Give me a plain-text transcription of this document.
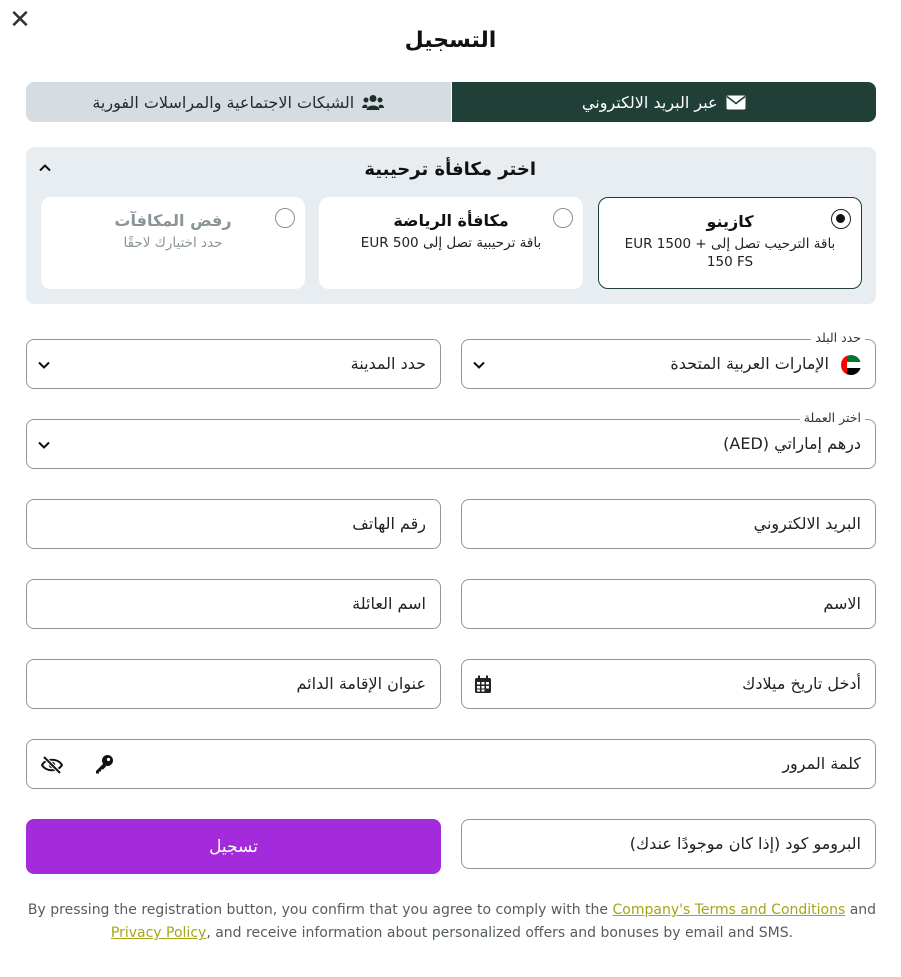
✕
التسجيل
الشبكات الاجتماعية والمراسلات الفورية	عبر البريد الالكتروني
اختر مكافأة ترحيبية
كازينو
باقة الترحيب تصل إلى EUR 1500 + 150 FS
مكافأة الرياضة
باقة ترحيبية تصل إلى EUR 500
رفض المكافآت
حدد اختيارك لاحقًا
حدد البلد
الإمارات العربية المتحدة
حدد المدينة
اختر العملة
درهم إماراتي (AED)
البريد الالكتروني
رقم الهاتف
الاسم
اسم العائلة
أدخل تاريخ ميلادك
عنوان الإقامة الدائم
كلمة المرور
البرومو كود (إذا كان موجودًا عندك)
تسجيل
By pressing the registration button, you confirm that you agree to comply with the Company's Terms and Conditions and Privacy Policy, and receive information about personalized offers and bonuses by email and SMS.
